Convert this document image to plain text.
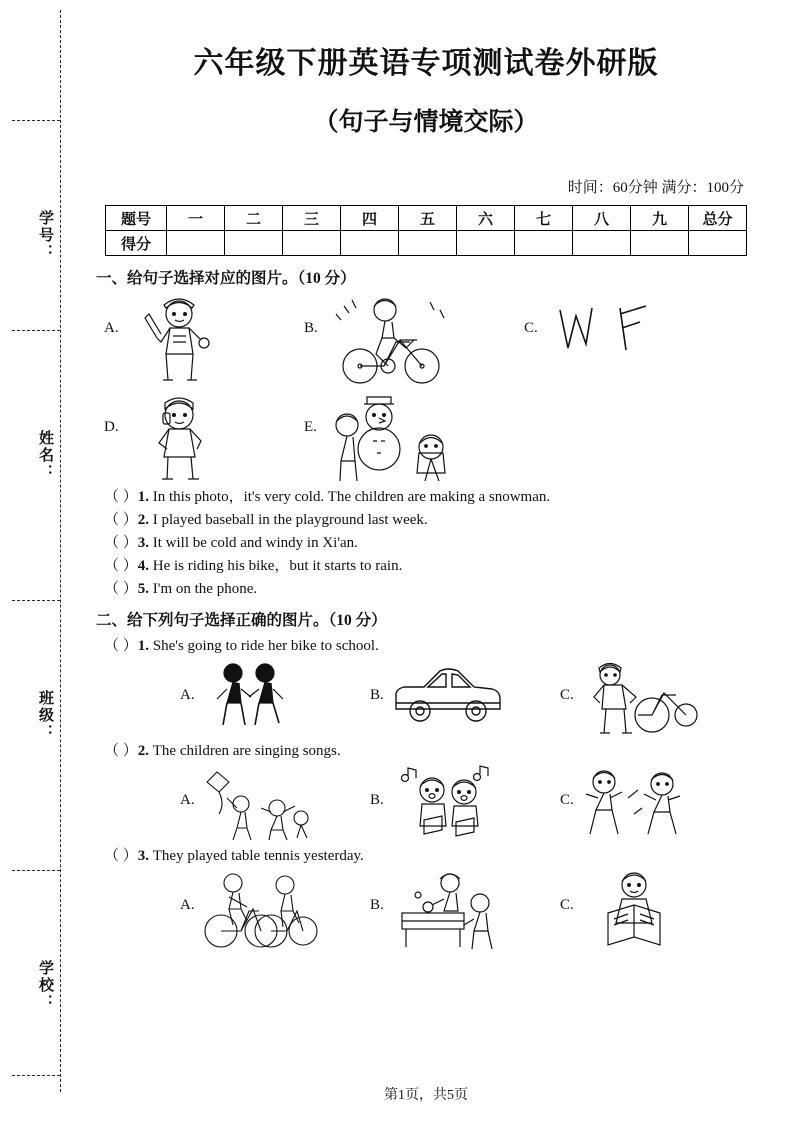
学号：
姓名：
班级：
学校：
六年级下册英语专项测试卷外研版
（句子与情境交际）
时间：60分钟 满分：100分
题号	一	二	三	四	五	六	七	八	九	总分
得分										
一、给句子选择对应的图片。（10 分）
A.	B.	C.
D.	E.
（ ）1. In this photo，it's very cold. The children are making a snowman.
（ ）2. I played baseball in the playground last week.
（ ）3. It will be cold and windy in Xi'an.
（ ）4. He is riding his bike，but it starts to rain.
（ ）5. I'm on the phone.
二、给下列句子选择正确的图片。（10 分）
（ ）1. She's going to ride her bike to school.
A.	B.	C.
（ ）2. The children are singing songs.
A.	B.	C.
（ ）3. They played table tennis yesterday.
A.	B.	C.
第1页，共5页
